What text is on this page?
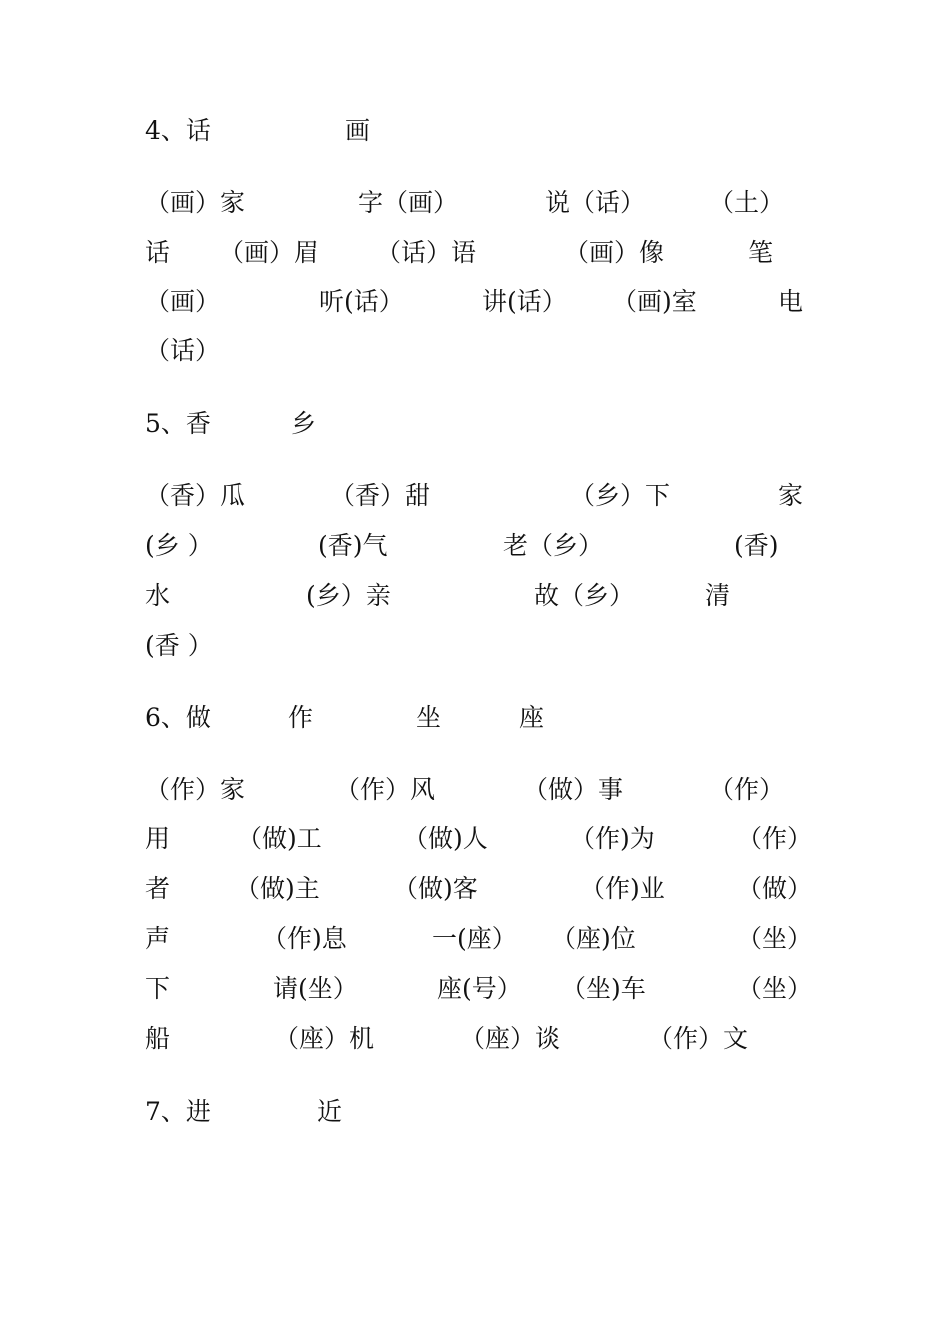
4、话

	画

（画）家

	字（画）

	说（话）

	（土）

话

（画）眉

（话）语

	（画）像

	笔

（画）

	听(话）

	讲(话）

（画)室

	电

（话）

5、香

	乡

（香）瓜

	（香）甜

	（乡）下

	家

(乡 ）

	(香)气

	老（乡）

	(香)

水

	(乡）亲

	故（乡）

	清

(香 ）

6、做

	作

	坐

	座

（作）家

	（作）风

	（做）事

	（作）

用

	（做)工

	（做)人

	（作)为

	（作）

者

	（做)主

	（做)客

	（作)业

	（做）

声

	（作)息

	一(座）

（座)位

	（坐）

下

	请(坐）

	座(号）

（坐)车

	（坐）

船

	（座）机

	（座）谈

	（作）文

7、进

	近
